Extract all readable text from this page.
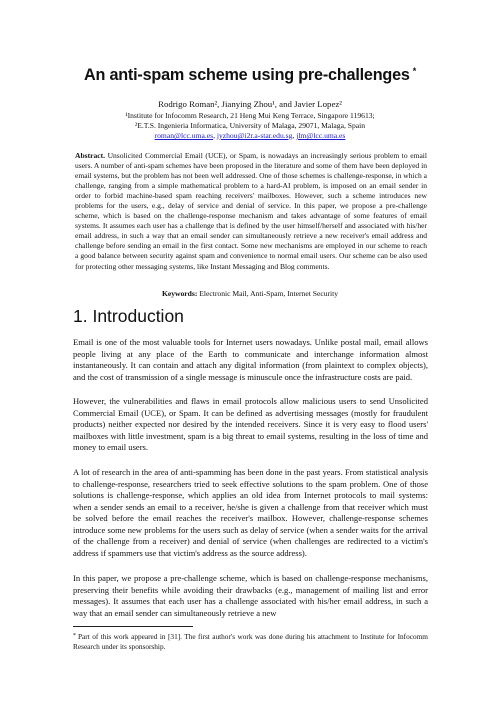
An anti-spam scheme using pre-challenges *
Rodrigo Roman², Jianying Zhou¹, and Javier Lopez²
¹Institute for Infocomm Research, 21 Heng Mui Keng Terrace, Singapore 119613;
²E.T.S. Ingenieria Informatica, University of Malaga, 29071, Malaga, Spain
roman@lcc.uma.es, jyzhou@i2r.a-star.edu.sg, jlm@lcc.uma.es
Abstract. Unsolicited Commercial Email (UCE), or Spam, is nowadays an increasingly serious problem to email users. A number of anti-spam schemes have been proposed in the literature and some of them have been deployed in email systems, but the problem has not been well addressed. One of those schemes is challenge-response, in which a challenge, ranging from a simple mathematical problem to a hard-AI problem, is imposed on an email sender in order to forbid machine-based spam reaching receivers' mailboxes. However, such a scheme introduces new problems for the users, e.g., delay of service and denial of service. In this paper, we propose a pre-challenge scheme, which is based on the challenge-response mechanism and takes advantage of some features of email systems. It assumes each user has a challenge that is defined by the user himself/herself and associated with his/her email address, in such a way that an email sender can simultaneously retrieve a new receiver's email address and challenge before sending an email in the first contact. Some new mechanisms are employed in our scheme to reach a good balance between security against spam and convenience to normal email users. Our scheme can be also used for protecting other messaging systems, like Instant Messaging and Blog comments.
Keywords: Electronic Mail, Anti-Spam, Internet Security
1. Introduction

Email is one of the most valuable tools for Internet users nowadays. Unlike postal mail, email allows people living at any place of the Earth to communicate and interchange information almost instantaneously. It can contain and attach any digital information (from plaintext to complex objects), and the cost of transmission of a single message is minuscule once the infrastructure costs are paid.

However, the vulnerabilities and flaws in email protocols allow malicious users to send Unsolicited Commercial Email (UCE), or Spam. It can be defined as advertising messages (mostly for fraudulent products) neither expected nor desired by the intended receivers. Since it is very easy to flood users' mailboxes with little investment, spam is a big threat to email systems, resulting in the loss of time and money to email users.

A lot of research in the area of anti-spamming has been done in the past years. From statistical analysis to challenge-response, researchers tried to seek effective solutions to the spam problem. One of those solutions is challenge-response, which applies an old idea from Internet protocols to mail systems: when a sender sends an email to a receiver, he/she is given a challenge from that receiver which must be solved before the email reaches the receiver's mailbox. However, challenge-response schemes introduce some new problems for the users such as delay of service (when a sender waits for the arrival of the challenge from a receiver) and denial of service (when challenges are redirected to a victim's address if spammers use that victim's address as the source address).

In this paper, we propose a pre-challenge scheme, which is based on challenge-response mechanisms, preserving their benefits while avoiding their drawbacks (e.g., management of mailing list and error messages). It assumes that each user has a challenge associated with his/her email address, in such a way that an email sender can simultaneously retrieve a new

* Part of this work appeared in [31]. The first author's work was done during his attachment to Institute for Infocomm Research under its sponsorship.
